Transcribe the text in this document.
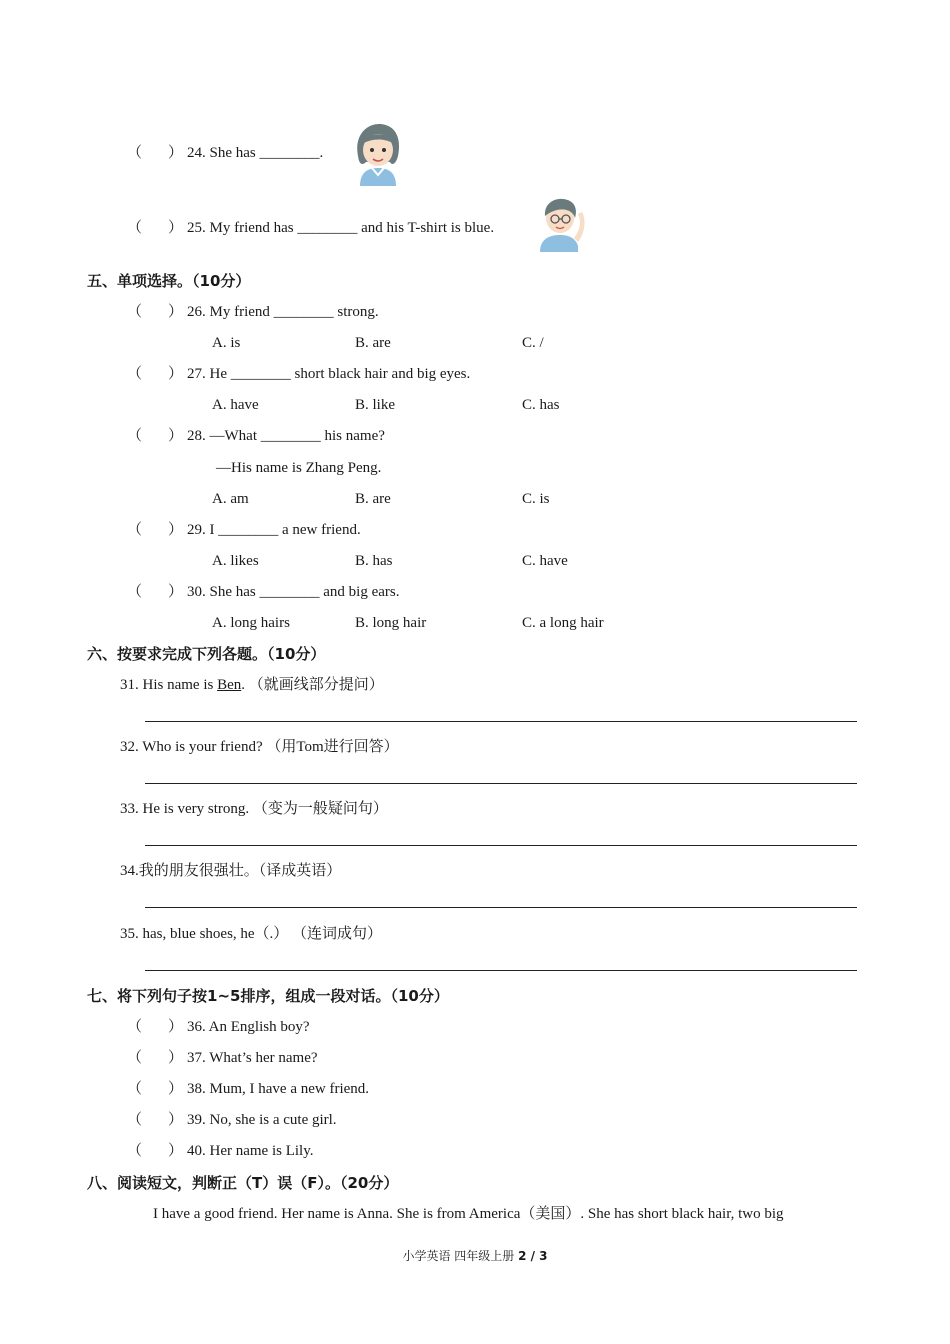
（ ） 24. She has ________.
（ ） 25. My friend has ________ and his T-shirt is blue.
五、单项选择。（10分）
（ ） 26. My friend ________ strong.
A. is	B. are	C. /
（ ） 27. He ________ short black hair and big eyes.
A. have	B. like	C. has
（ ） 28. —What ________ his name?
—His name is Zhang Peng.
A. am	B. are	C. is
（ ） 29. I ________ a new friend.
A. likes	B. has	C. have
（ ） 30. She has ________ and big ears.
A. long hairs	B. long hair	C. a long hair
六、按要求完成下列各题。（10分）
31. His name is Ben. （就画线部分提问）
32. Who is your friend? （用Tom进行回答）
33. He is very strong. （变为一般疑问句）
34.我的朋友很强壮。（译成英语）
35. has, blue shoes, he（.） （连词成句）
七、将下列句子按1~5排序，组成一段对话。（10分）
（ ） 36. An English boy?
（ ） 37. What’s her name?
（ ） 38. Mum, I have a new friend.
（ ） 39. No, she is a cute girl.
（ ） 40. Her name is Lily.
八、阅读短文，判断正（T）误（F）。（20分）
I have a good friend. Her name is Anna. She is from America（美国）. She has short black hair, two big
小学英语 四年级上册 2 / 3
